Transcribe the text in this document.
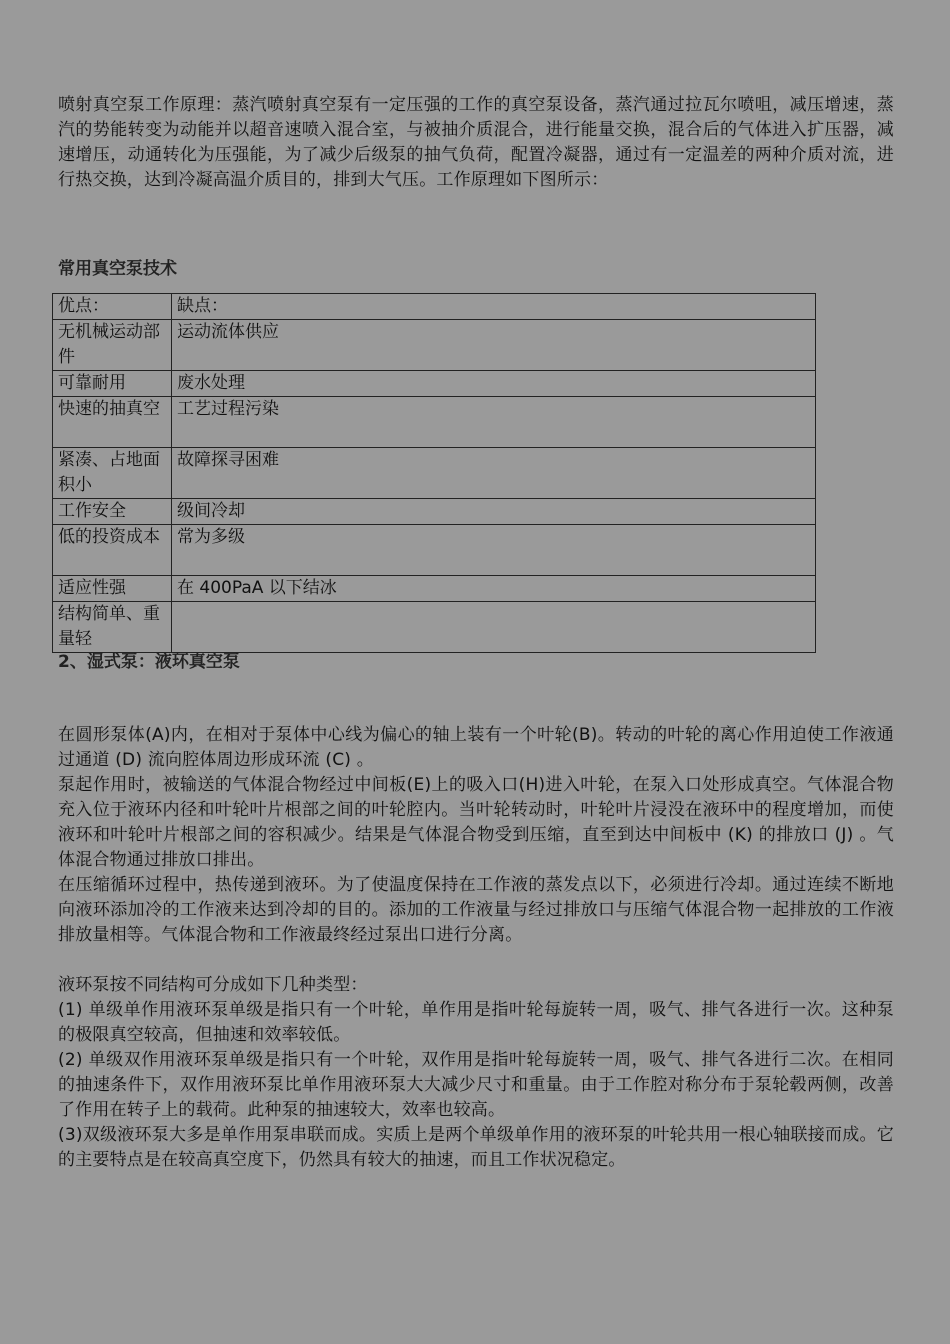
喷射真空泵工作原理：蒸汽喷射真空泵有一定压强的工作的真空泵设备，蒸汽通过拉瓦尔喷咀，减压增速，蒸汽的势能转变为动能并以超音速喷入混合室，与被抽介质混合，进行能量交换，混合后的气体进入扩压器，减速增压，动通转化为压强能，为了减少后级泵的抽气负荷，配置冷凝器，通过有一定温差的两种介质对流，进行热交换，达到冷凝高温介质目的，排到大气压。工作原理如下图所示：

常用真空泵技术

优点：	缺点：
无机械运动部件	运动流体供应
可靠耐用	废水处理
快速的抽真空	工艺过程污染
紧凑、占地面积小	故障探寻困难
工作安全	级间冷却
低的投资成本	常为多级
适应性强	在 400PaA 以下结冰
结构简单、重量轻	

2、湿式泵：液环真空泵

在圆形泵体(A)内，在相对于泵体中心线为偏心的轴上装有一个叶轮(B)。转动的叶轮的离心作用迫使工作液通过通道 (D) 流向腔体周边形成环流 (C) 。

泵起作用时，被输送的气体混合物经过中间板(E)上的吸入口(H)进入叶轮，在泵入口处形成真空。气体混合物充入位于液环内径和叶轮叶片根部之间的叶轮腔内。当叶轮转动时，叶轮叶片浸没在液环中的程度增加，而使液环和叶轮叶片根部之间的容积减少。结果是气体混合物受到压缩，直至到达中间板中 (K) 的排放口 (J) 。气体混合物通过排放口排出。

在压缩循环过程中，热传递到液环。为了使温度保持在工作液的蒸发点以下，必须进行冷却。通过连续不断地向液环添加冷的工作液来达到冷却的目的。添加的工作液量与经过排放口与压缩气体混合物一起排放的工作液排放量相等。气体混合物和工作液最终经过泵出口进行分离。

液环泵按不同结构可分成如下几种类型：

(1) 单级单作用液环泵单级是指只有一个叶轮，单作用是指叶轮每旋转一周，吸气、排气各进行一次。这种泵的极限真空较高，但抽速和效率较低。

(2) 单级双作用液环泵单级是指只有一个叶轮，双作用是指叶轮每旋转一周，吸气、排气各进行二次。在相同的抽速条件下，双作用液环泵比单作用液环泵大大减少尺寸和重量。由于工作腔对称分布于泵轮毂两侧，改善了作用在转子上的载荷。此种泵的抽速较大，效率也较高。

(3)双级液环泵大多是单作用泵串联而成。实质上是两个单级单作用的液环泵的叶轮共用一根心轴联接而成。它的主要特点是在较高真空度下，仍然具有较大的抽速，而且工作状况稳定。
